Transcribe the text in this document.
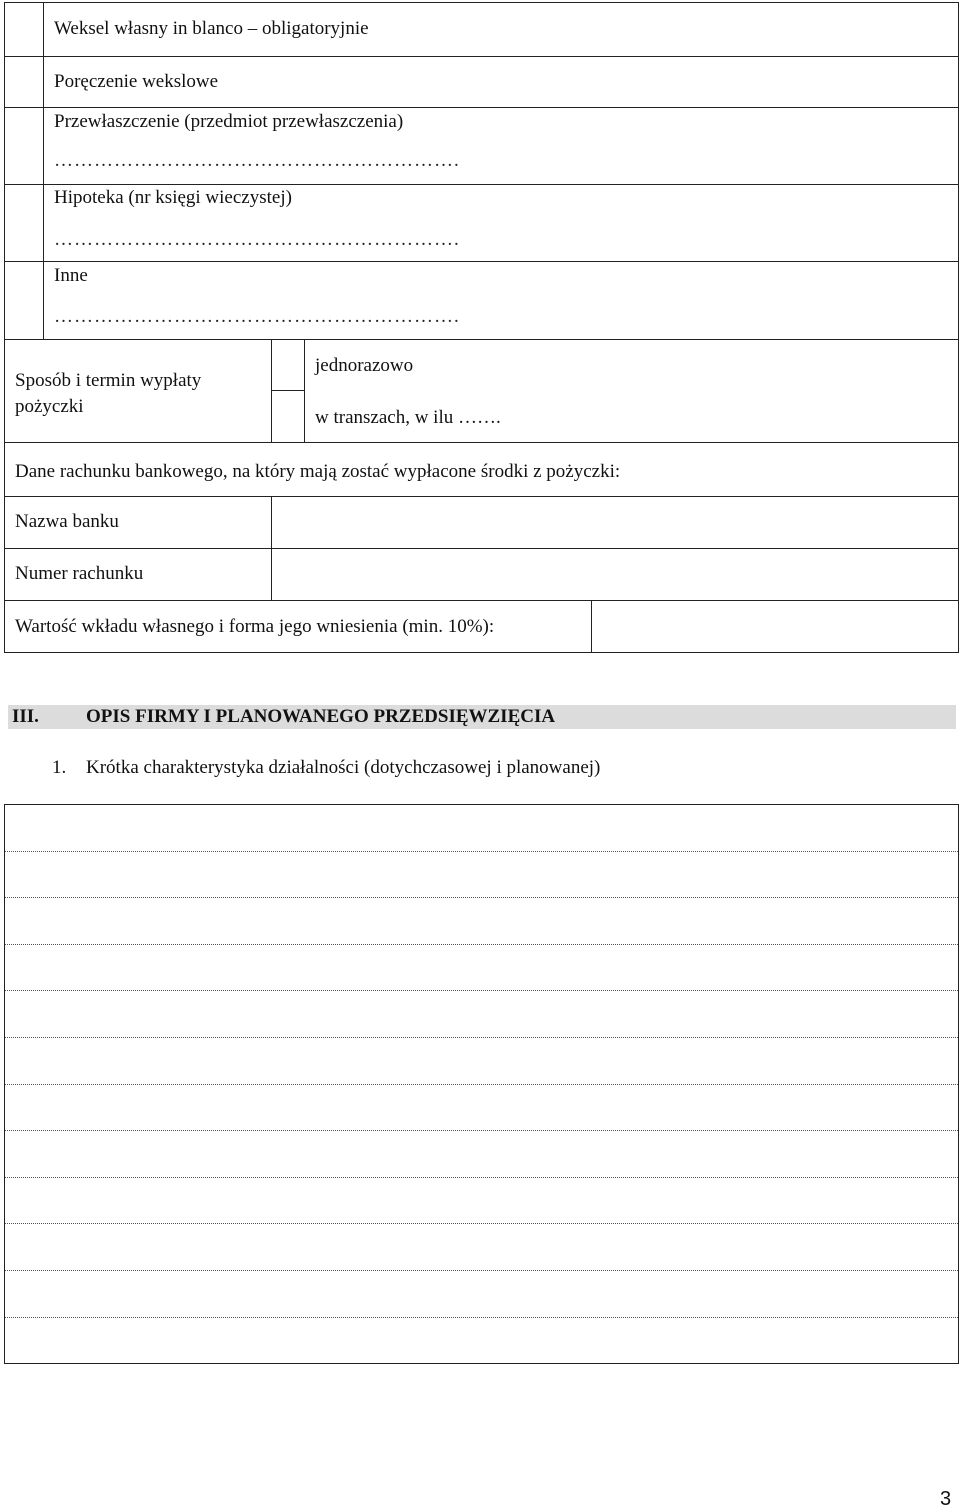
Weksel własny in blanco – obligatoryjnie
Poręczenie wekslowe
Przewłaszczenie (przedmiot przewłaszczenia)
…………………………………………………….
Hipoteka (nr księgi wieczystej)
…………………………………………………….
Inne
…………………………………………………….
Sposób i termin wypłaty pożyczki
jednorazowo
w transzach, w ilu …….
Dane rachunku bankowego, na który mają zostać wypłacone środki z pożyczki:
Nazwa banku
Numer rachunku
Wartość wkładu własnego i forma jego wniesienia (min. 10%):
III. OPIS FIRMY I PLANOWANEGO PRZEDSIĘWZIĘCIA
1. Krótka charakterystyka działalności (dotychczasowej i planowanej)
3
